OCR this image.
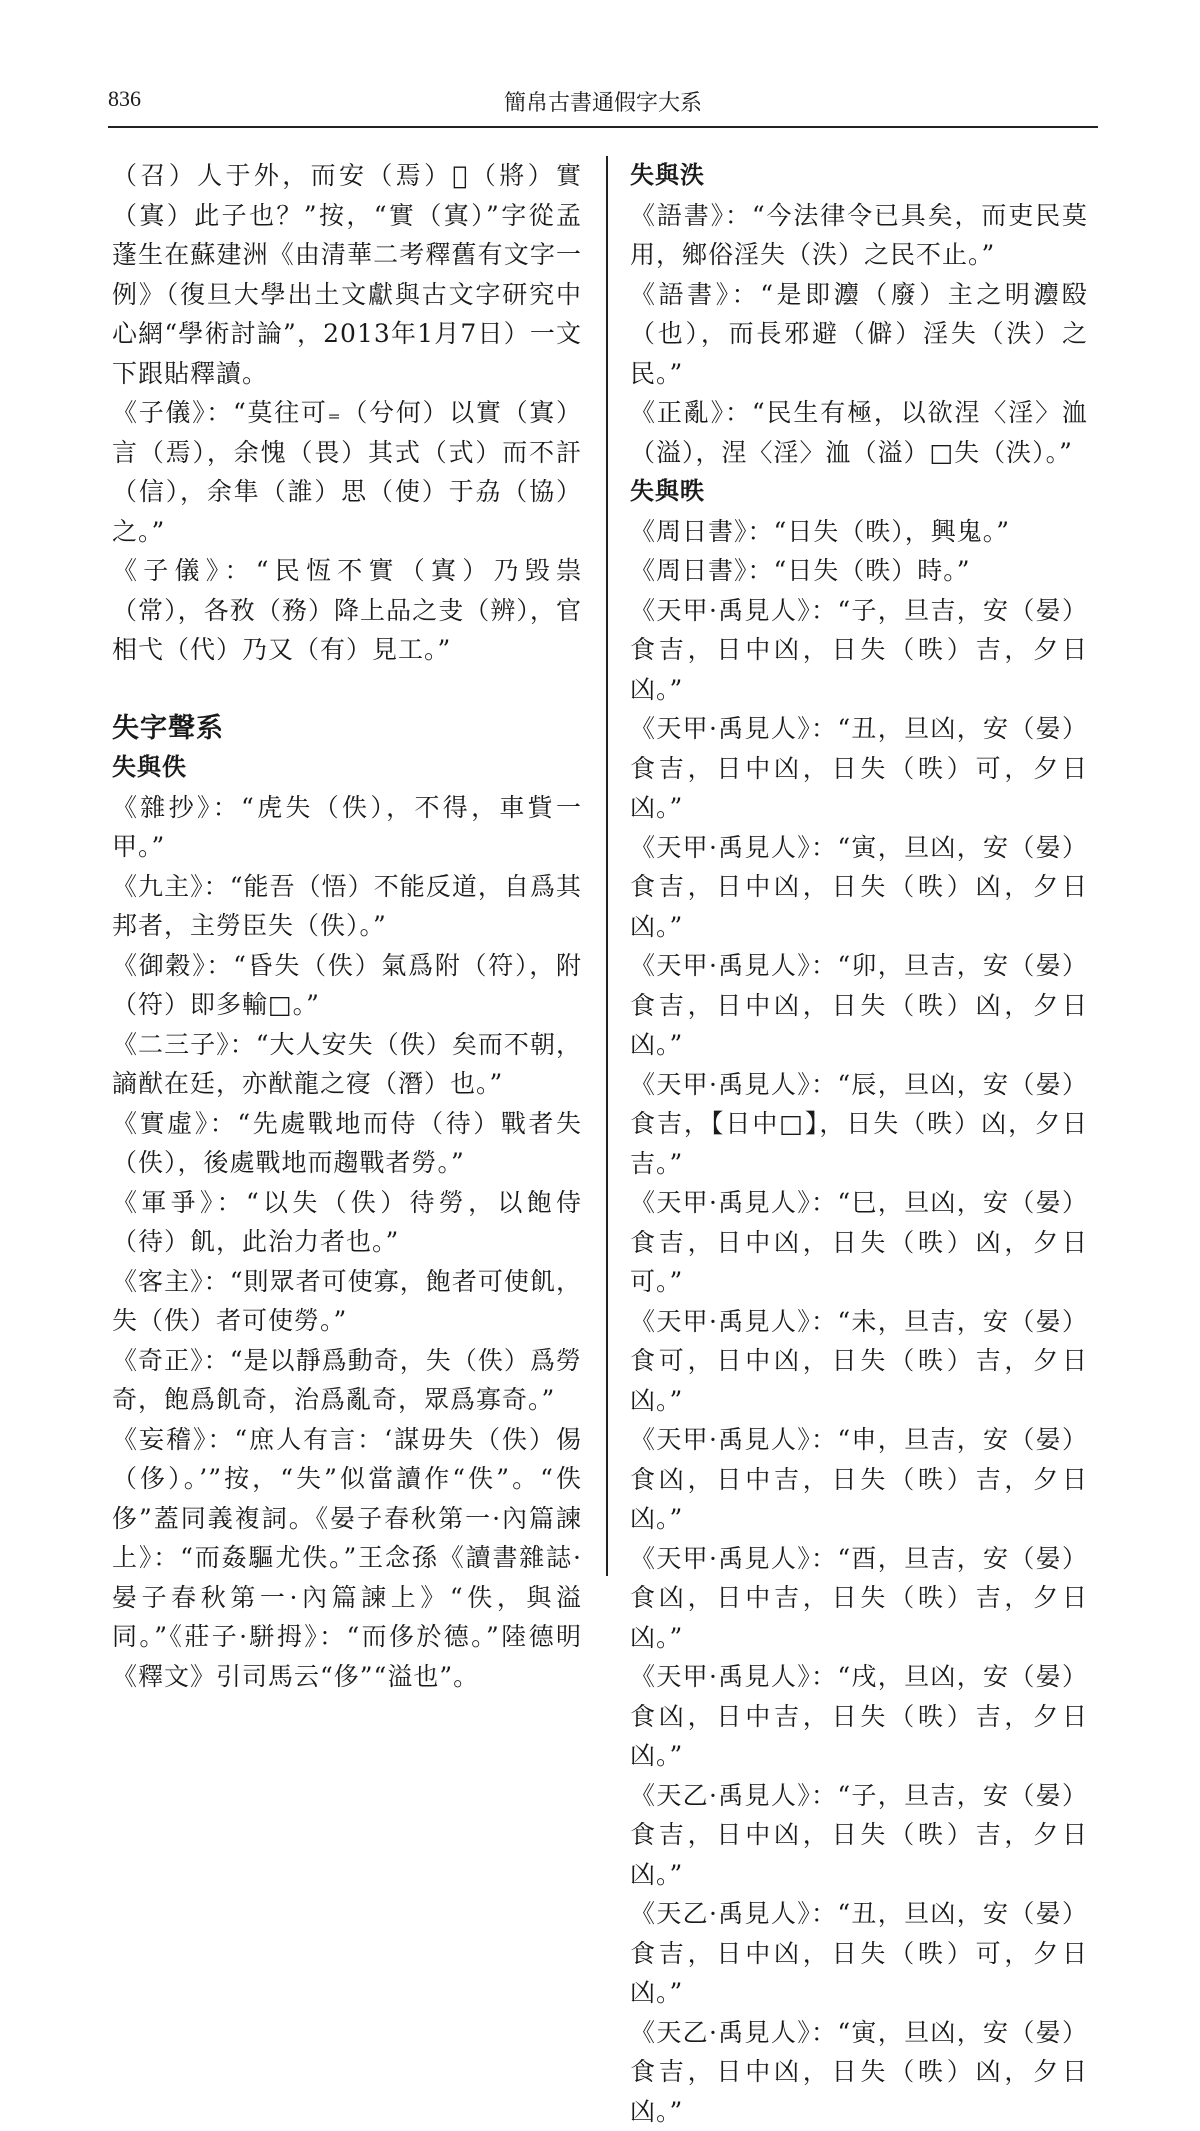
836	簡帛古書通假字大系

（召）人于外，而安（焉）𨢟（將）實（寘）此子也？”按，“實（寘）”字從孟蓬生在蘇建洲《由清華二考釋舊有文字一例》（復旦大學出土文獻與古文字研究中心網“學術討論”，2013年1月7日）一文下跟貼釋讀。

《子儀》：“莫往可₌（兮何）以實（寘）言（焉），余愧（畏）其式（式）而不訐（信），余隼（誰）思（使）于劦（協）之。”

《子儀》：“民恆不實（寘）乃毁祟（常），各敄（務）降上品之叏（辨），官相弋（代）乃又（有）見工。”

失字聲系
失與佚

《雜抄》：“虎失（佚），不得，車貲一甲。”

《九主》：“能吾（悟）不能反道，自爲其邦者，主勞臣失（佚）。”

《御穀》：“昏失（佚）氣爲附（符），附（符）即多輸□。”

《二三子》：“大人安失（佚）矣而不朝，謪猷在廷，亦猷龍之寑（潛）也。”

《實虛》：“先處戰地而侍（待）戰者失（佚），後處戰地而趨戰者勞。”

《軍爭》：“以失（佚）待勞，以飽侍（待）飢，此治力者也。”

《客主》：“則眾者可使寡，飽者可使飢，失（佚）者可使勞。”

《奇正》：“是以靜爲動奇，失（佚）爲勞奇，飽爲飢奇，治爲亂奇，眾爲寡奇。”

《妄稽》：“庶人有言：‘謀毋失（佚）㑥（侈）。’”按，“失”似當讀作“佚”。“佚侈”蓋同義複詞。《晏子春秋第一·內篇諫上》：“而姦驅尤佚。”王念孫《讀書雜誌·晏子春秋第一·內篇諫上》“佚，與溢同。”《莊子·駢拇》：“而侈於德。”陸德明《釋文》引司馬云“侈”“溢也”。

失與泆

《語書》：“今法律令已具矣，而吏民莫用，鄉俗淫失（泆）之民不止。”

《語書》：“是即灋（廢）主之明灋殹（也），而長邪避（僻）淫失（泆）之民。”

《正亂》：“民生有極，以欲涅〈淫〉洫（溢），涅〈淫〉洫（溢）□失（泆）。”

失與昳

《周日書》：“日失（昳），興鬼。”

《周日書》：“日失（昳）時。”

《天甲·禹見人》：“子，旦吉，安（晏）食吉，日中凶，日失（昳）吉，夕日凶。”

《天甲·禹見人》：“丑，旦凶，安（晏）食吉，日中凶，日失（昳）可，夕日凶。”

《天甲·禹見人》：“寅，旦凶，安（晏）食吉，日中凶，日失（昳）凶，夕日凶。”

《天甲·禹見人》：“卯，旦吉，安（晏）食吉，日中凶，日失（昳）凶，夕日凶。”

《天甲·禹見人》：“辰，旦凶，安（晏）食吉，【日中□】，日失（昳）凶，夕日吉。”

《天甲·禹見人》：“巳，旦凶，安（晏）食吉，日中凶，日失（昳）凶，夕日可。”

《天甲·禹見人》：“未，旦吉，安（晏）食可，日中凶，日失（昳）吉，夕日凶。”

《天甲·禹見人》：“申，旦吉，安（晏）食凶，日中吉，日失（昳）吉，夕日凶。”

《天甲·禹見人》：“酉，旦吉，安（晏）食凶，日中吉，日失（昳）吉，夕日凶。”

《天甲·禹見人》：“戌，旦凶，安（晏）食凶，日中吉，日失（昳）吉，夕日凶。”

《天乙·禹見人》：“子，旦吉，安（晏）食吉，日中凶，日失（昳）吉，夕日凶。”

《天乙·禹見人》：“丑，旦凶，安（晏）食吉，日中凶，日失（昳）可，夕日凶。”

《天乙·禹見人》：“寅，旦凶，安（晏）食吉，日中凶，日失（昳）凶，夕日凶。”
